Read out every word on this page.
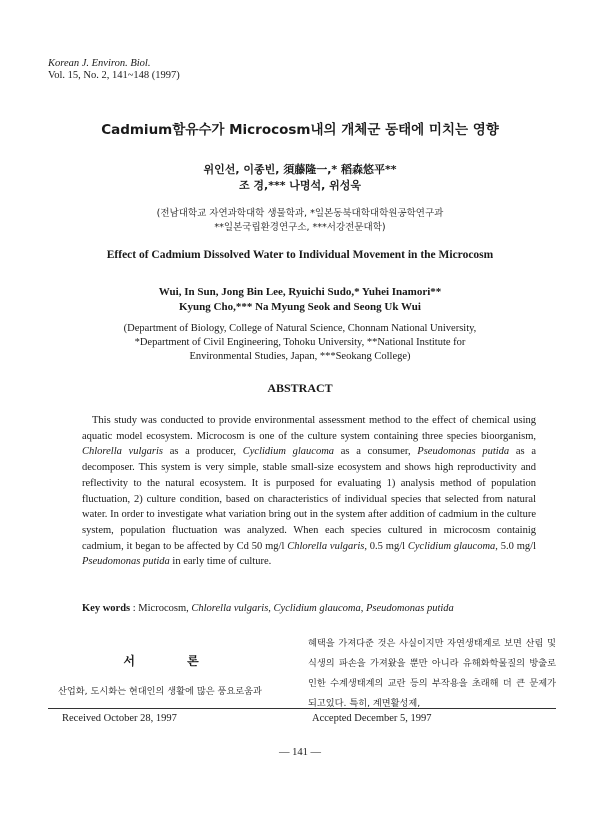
Korean J. Environ. Biol.
Vol. 15, No. 2, 141~148 (1997)
Cadmium함유수가 Microcosm내의 개체군 동태에 미치는 영향
위인선, 이종빈, 須藤隆一,* 稻森悠平**
조 경,*** 나명석, 위성욱
(전남대학교 자연과학대학 생물학과, *일본동북대학대학원공학연구과
**일본국립환경연구소, ***서강전문대학)
Effect of Cadmium Dissolved Water to Individual Movement in the Microcosm
Wui, In Sun, Jong Bin Lee, Ryuichi Sudo,* Yuhei Inamori**
Kyung Cho,*** Na Myung Seok and Seong Uk Wui
(Department of Biology, College of Natural Science, Chonnam National University,
*Department of Civil Engineering, Tohoku University, **National Institute for
Environmental Studies, Japan, ***Seokang College)
ABSTRACT

This study was conducted to provide environmental assessment method to the effect of chemical using aquatic model ecosystem. Microcosm is one of the culture system containing three species bioorganism, Chlorella vulgaris as a producer, Cyclidium glaucoma as a consumer, Pseudomonas putida as a decomposer. This system is very simple, stable small-size ecosystem and shows high reproductivity and reflectivity to the natural ecosystem. It is purposed for evaluating 1) analysis method of population fluctuation, 2) culture condition, based on characteristics of individual species that selected from natural water. In order to investigate what variation bring out in the system after addition of cadmium in the culture system, population fluctuation was analyzed. When each species cultured in microcosm containig cadmium, it began to be affected by Cd 50 mg/l Chlorella vulgaris, 0.5 mg/l Cyclidium glaucoma, 5.0 mg/l Pseudomonas putida in early time of culture.

Key words : Microcosm, Chlorella vulgaris, Cyclidium glaucoma, Pseudomonas putida
서 론
산업화, 도시화는 현대인의 생활에 많은 풍요로움과
혜택을 가져다준 것은 사실이지만 자연생태계로 보면 산림 및 식생의 파손을 가져왔을 뿐만 아니라 유해화학물질의 방출로 인한 수계생태계의 교란 등의 부작용을 초래해 더 큰 문제가 되고있다. 특히, 계면활성제,
Received October 28, 1997	Accepted December 5, 1997
— 141 —
